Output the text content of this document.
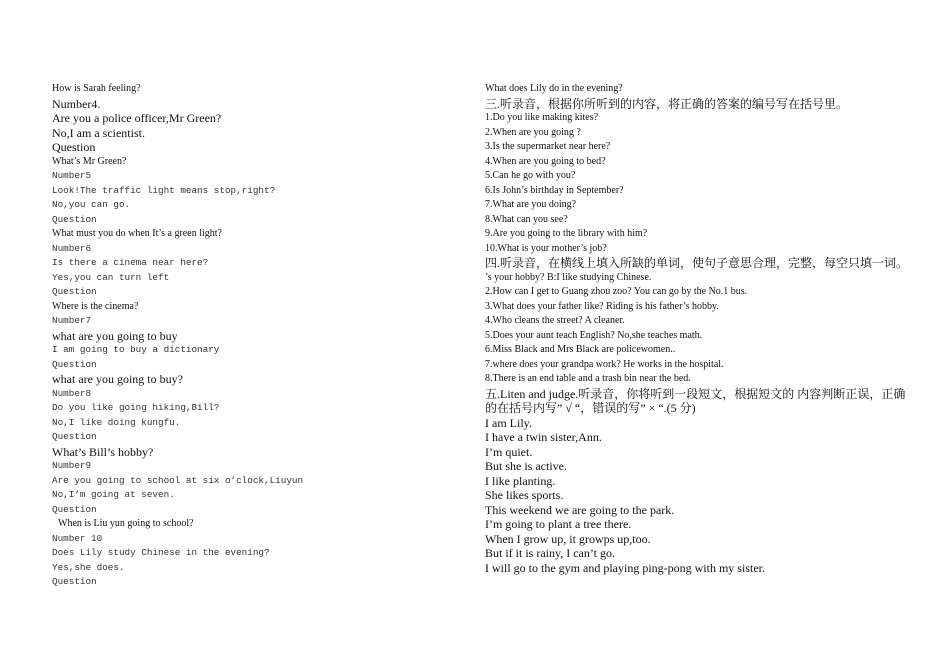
How is Sarah feeling?
Number4.
Are you a police officer,Mr Green?
No,I am a scientist.
Question
What’s Mr Green?
Number5
Look!The traffic light means stop,right?
No,you can go.
Question
What must you do when It’s a green light?
Number6
Is there a cinema near here?
Yes,you can turn left
Question
Where is the cinema?
Number7
what are you going to buy
I am going to buy a dictionary
Question
what are you going to buy?
Number8
Do you like going hiking,Bill?
No,I like doing kungfu.
Question
What’s Bill’s hobby?
Number9
Are you going to school at six o’clock,Liuyun
No,I’m going at seven.
Question
When is Liu yun going to school?
Number 10
Does Lily study Chinese in the evening?
Yes,she does.
Question
What does Lily do in the evening?
三.听录音，根据你所听到的内容，将正确的答案的编号写在括号里。
1.Do you like making kites?
2.When are you going ?
3.Is the supermarket near here?
4.When are you going to bed?
5.Can he go with you?
6.Is John’s birthday in September?
7.What are you doing?
8.What can you see?
9.Are you going to the library with him?
10.What is your mother’s job?
四.听录音，在横线上填入所缺的单词，使句子意思合理，完整，每空只填一词。
’s your hobby? B:I like studying Chinese.
2.How can I get to Guang zhou zoo? You can go by the No.1 bus.
3.What does your father like? Riding is his father’s hobby.
4.Who cleans the street? A cleaner.
5.Does your aunt teach English? No,she teaches math.
6.Miss Black and Mrs Black are policewomen..
7.where does your grandpa work? He works in the hospital.
8.There is an end table and a trash bin near the bed.
五.Liten and judge.听录音，你将听到一段短文，根据短文的 内容判断正误，正确的在括号内写” √ “，错误的写” × “.(5 分)
I am Lily.
I have a twin sister,Ann.
I’m quiet.
But she is active.
I like planting.
She likes sports.
This weekend we are going to the park.
I’m going to plant a tree there.
When I grow up, it growps up,too.
But if it is rainy, I can’t go.
I will go to the gym and playing ping-pong with my sister.
